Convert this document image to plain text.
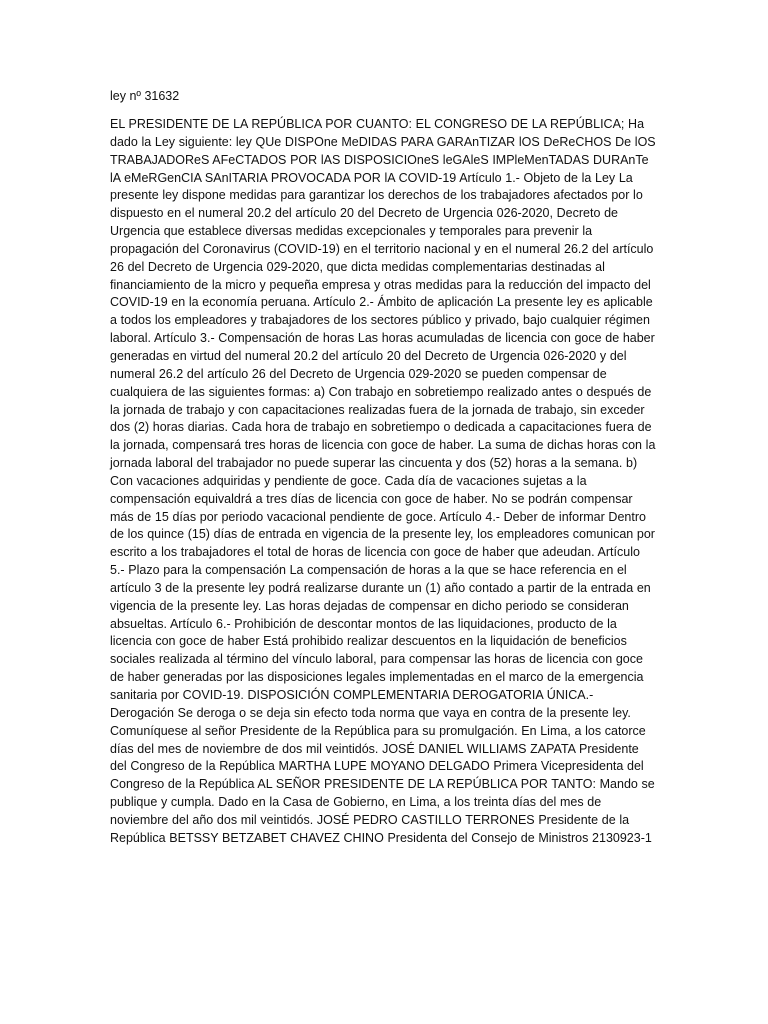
ley nº 31632

EL PRESIDENTE DE LA REPÚBLICA POR CUANTO: EL CONGRESO DE LA REPÚBLICA; Ha dado la Ley siguiente: ley QUe DISPOne MeDIDAS PARA GARAnTIZAR lOS DeReCHOS De lOS TRABAJADOReS AFeCTADOS POR lAS DISPOSICIOneS leGAleS IMPleMenTADAS DURAnTe lA eMeRGenCIA SAnITARIA PROVOCADA POR lA COVID-19 Artículo 1.- Objeto de la Ley La presente ley dispone medidas para garantizar los derechos de los trabajadores afectados por lo dispuesto en el numeral 20.2 del artículo 20 del Decreto de Urgencia 026-2020, Decreto de Urgencia que establece diversas medidas excepcionales y temporales para prevenir la propagación del Coronavirus (COVID-19) en el territorio nacional y en el numeral 26.2 del artículo 26 del Decreto de Urgencia 029-2020, que dicta medidas complementarias destinadas al financiamiento de la micro y pequeña empresa y otras medidas para la reducción del impacto del COVID-19 en la economía peruana. Artículo 2.- Ámbito de aplicación La presente ley es aplicable a todos los empleadores y trabajadores de los sectores público y privado, bajo cualquier régimen laboral. Artículo 3.- Compensación de horas Las horas acumuladas de licencia con goce de haber generadas en virtud del numeral 20.2 del artículo 20 del Decreto de Urgencia 026-2020 y del numeral 26.2 del artículo 26 del Decreto de Urgencia 029-2020 se pueden compensar de cualquiera de las siguientes formas: a) Con trabajo en sobretiempo realizado antes o después de la jornada de trabajo y con capacitaciones realizadas fuera de la jornada de trabajo, sin exceder dos (2) horas diarias. Cada hora de trabajo en sobretiempo o dedicada a capacitaciones fuera de la jornada, compensará tres horas de licencia con goce de haber. La suma de dichas horas con la jornada laboral del trabajador no puede superar las cincuenta y dos (52) horas a la semana. b) Con vacaciones adquiridas y pendiente de goce. Cada día de vacaciones sujetas a la compensación equivaldrá a tres días de licencia con goce de haber. No se podrán compensar más de 15 días por periodo vacacional pendiente de goce. Artículo 4.- Deber de informar Dentro de los quince (15) días de entrada en vigencia de la presente ley, los empleadores comunican por escrito a los trabajadores el total de horas de licencia con goce de haber que adeudan. Artículo 5.- Plazo para la compensación La compensación de horas a la que se hace referencia en el artículo 3 de la presente ley podrá realizarse durante un (1) año contado a partir de la entrada en vigencia de la presente ley. Las horas dejadas de compensar en dicho periodo se consideran absueltas. Artículo 6.- Prohibición de descontar montos de las liquidaciones, producto de la licencia con goce de haber Está prohibido realizar descuentos en la liquidación de beneficios sociales realizada al término del vínculo laboral, para compensar las horas de licencia con goce de haber generadas por las disposiciones legales implementadas en el marco de la emergencia sanitaria por COVID-19. DISPOSICIÓN COMPLEMENTARIA DEROGATORIA ÚNICA.- Derogación Se deroga o se deja sin efecto toda norma que vaya en contra de la presente ley. Comuníquese al señor Presidente de la República para su promulgación. En Lima, a los catorce días del mes de noviembre de dos mil veintidós. JOSÉ DANIEL WILLIAMS ZAPATA Presidente del Congreso de la República MARTHA LUPE MOYANO DELGADO Primera Vicepresidenta del Congreso de la República AL SEÑOR PRESIDENTE DE LA REPÚBLICA POR TANTO: Mando se publique y cumpla. Dado en la Casa de Gobierno, en Lima, a los treinta días del mes de noviembre del año dos mil veintidós. JOSÉ PEDRO CASTILLO TERRONES Presidente de la República BETSSY BETZABET CHAVEZ CHINO Presidenta del Consejo de Ministros 2130923-1
